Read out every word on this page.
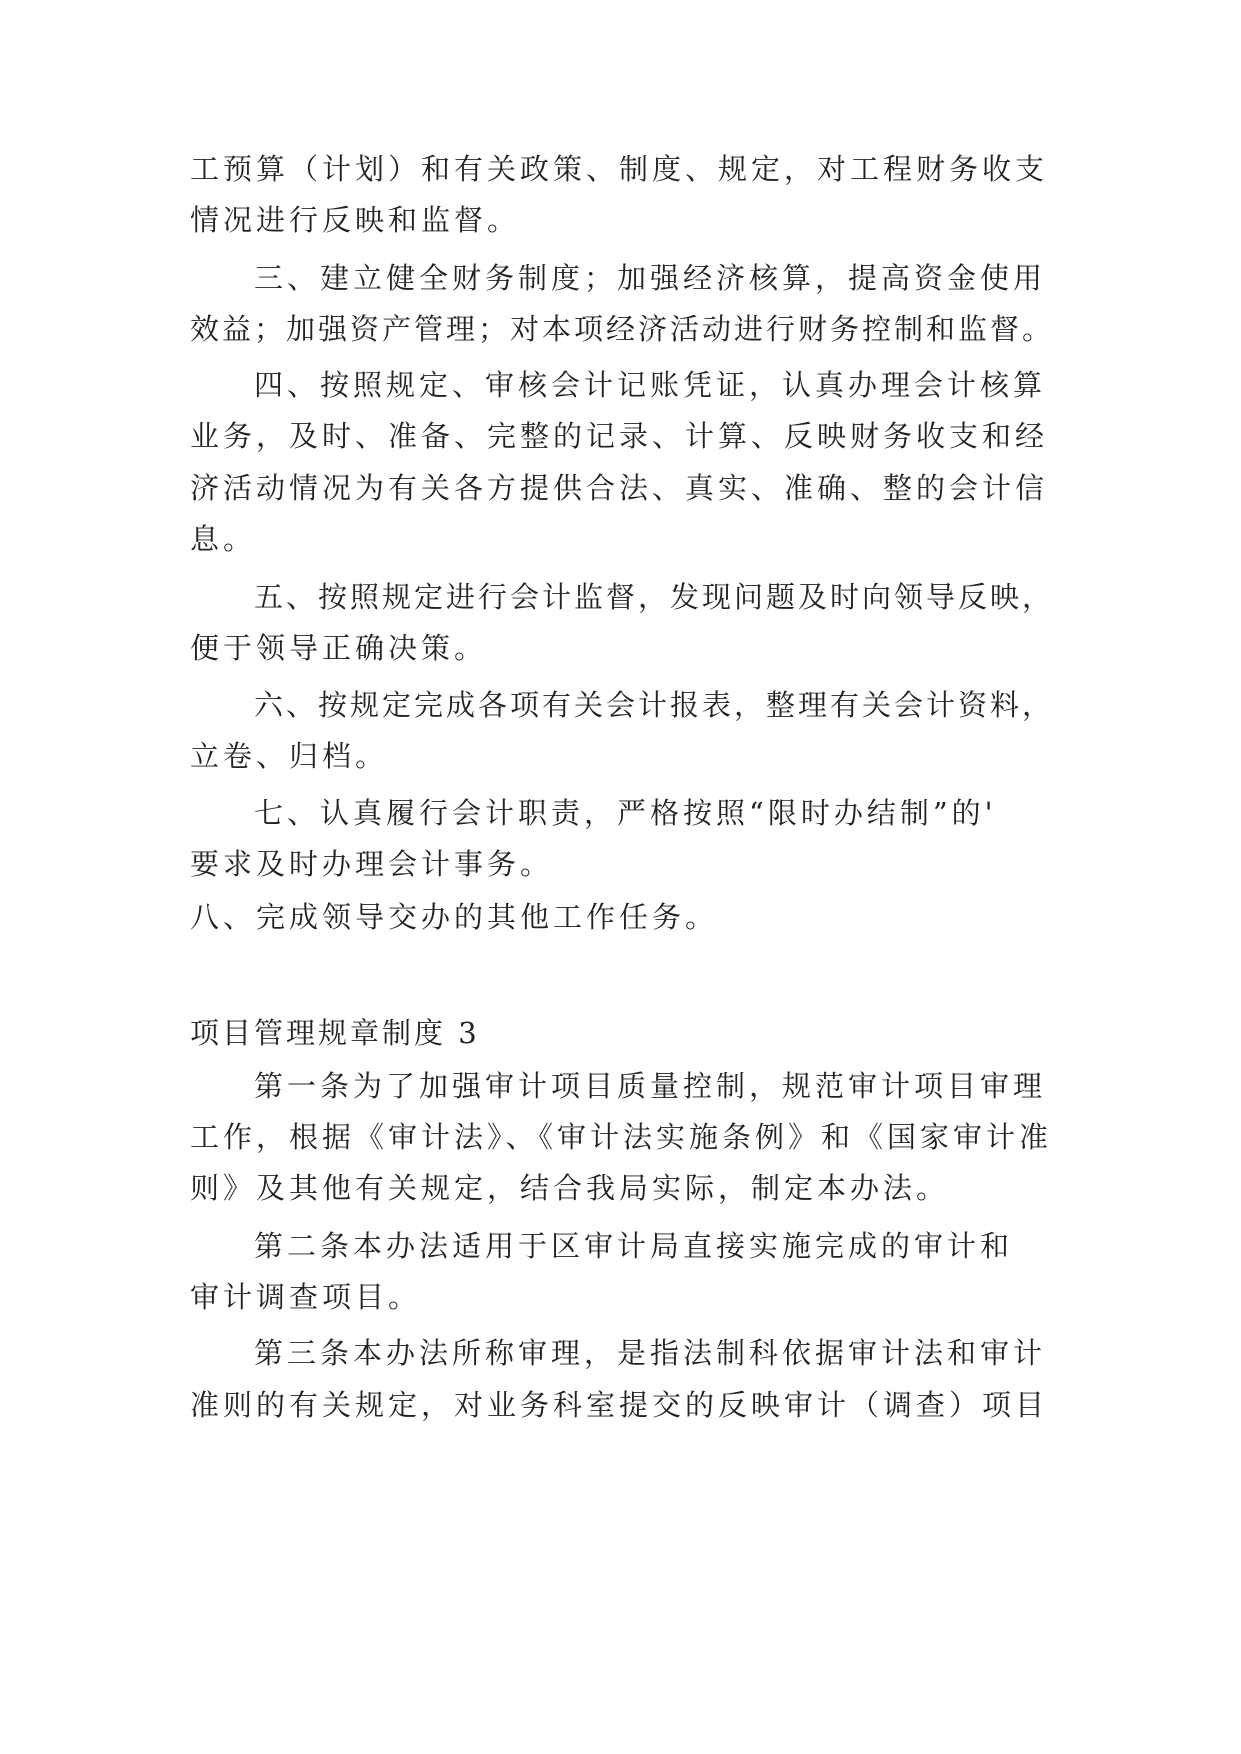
工预算（计划）和有关政策、制度、规定，对工程财务收支
情况进行反映和监督。
三、建立健全财务制度；加强经济核算，提高资金使用
效益；加强资产管理；对本项经济活动进行财务控制和监督。
四、按照规定、审核会计记账凭证，认真办理会计核算
业务，及时、准备、完整的记录、计算、反映财务收支和经
济活动情况为有关各方提供合法、真实、准确、整的会计信
息。
五、按照规定进行会计监督，发现问题及时向领导反映，
便于领导正确决策。
六、按规定完成各项有关会计报表，整理有关会计资料，
立卷、归档。
七、认真履行会计职责，严格按照“限时办结制”的'
要求及时办理会计事务。
八、完成领导交办的其他工作任务。
项目管理规章制度 3
第一条为了加强审计项目质量控制，规范审计项目审理
工作，根据《审计法》、《审计法实施条例》和《国家审计准
则》及其他有关规定，结合我局实际，制定本办法。
第二条本办法适用于区审计局直接实施完成的审计和
审计调查项目。
第三条本办法所称审理，是指法制科依据审计法和审计
准则的有关规定，对业务科室提交的反映审计（调查）项目
